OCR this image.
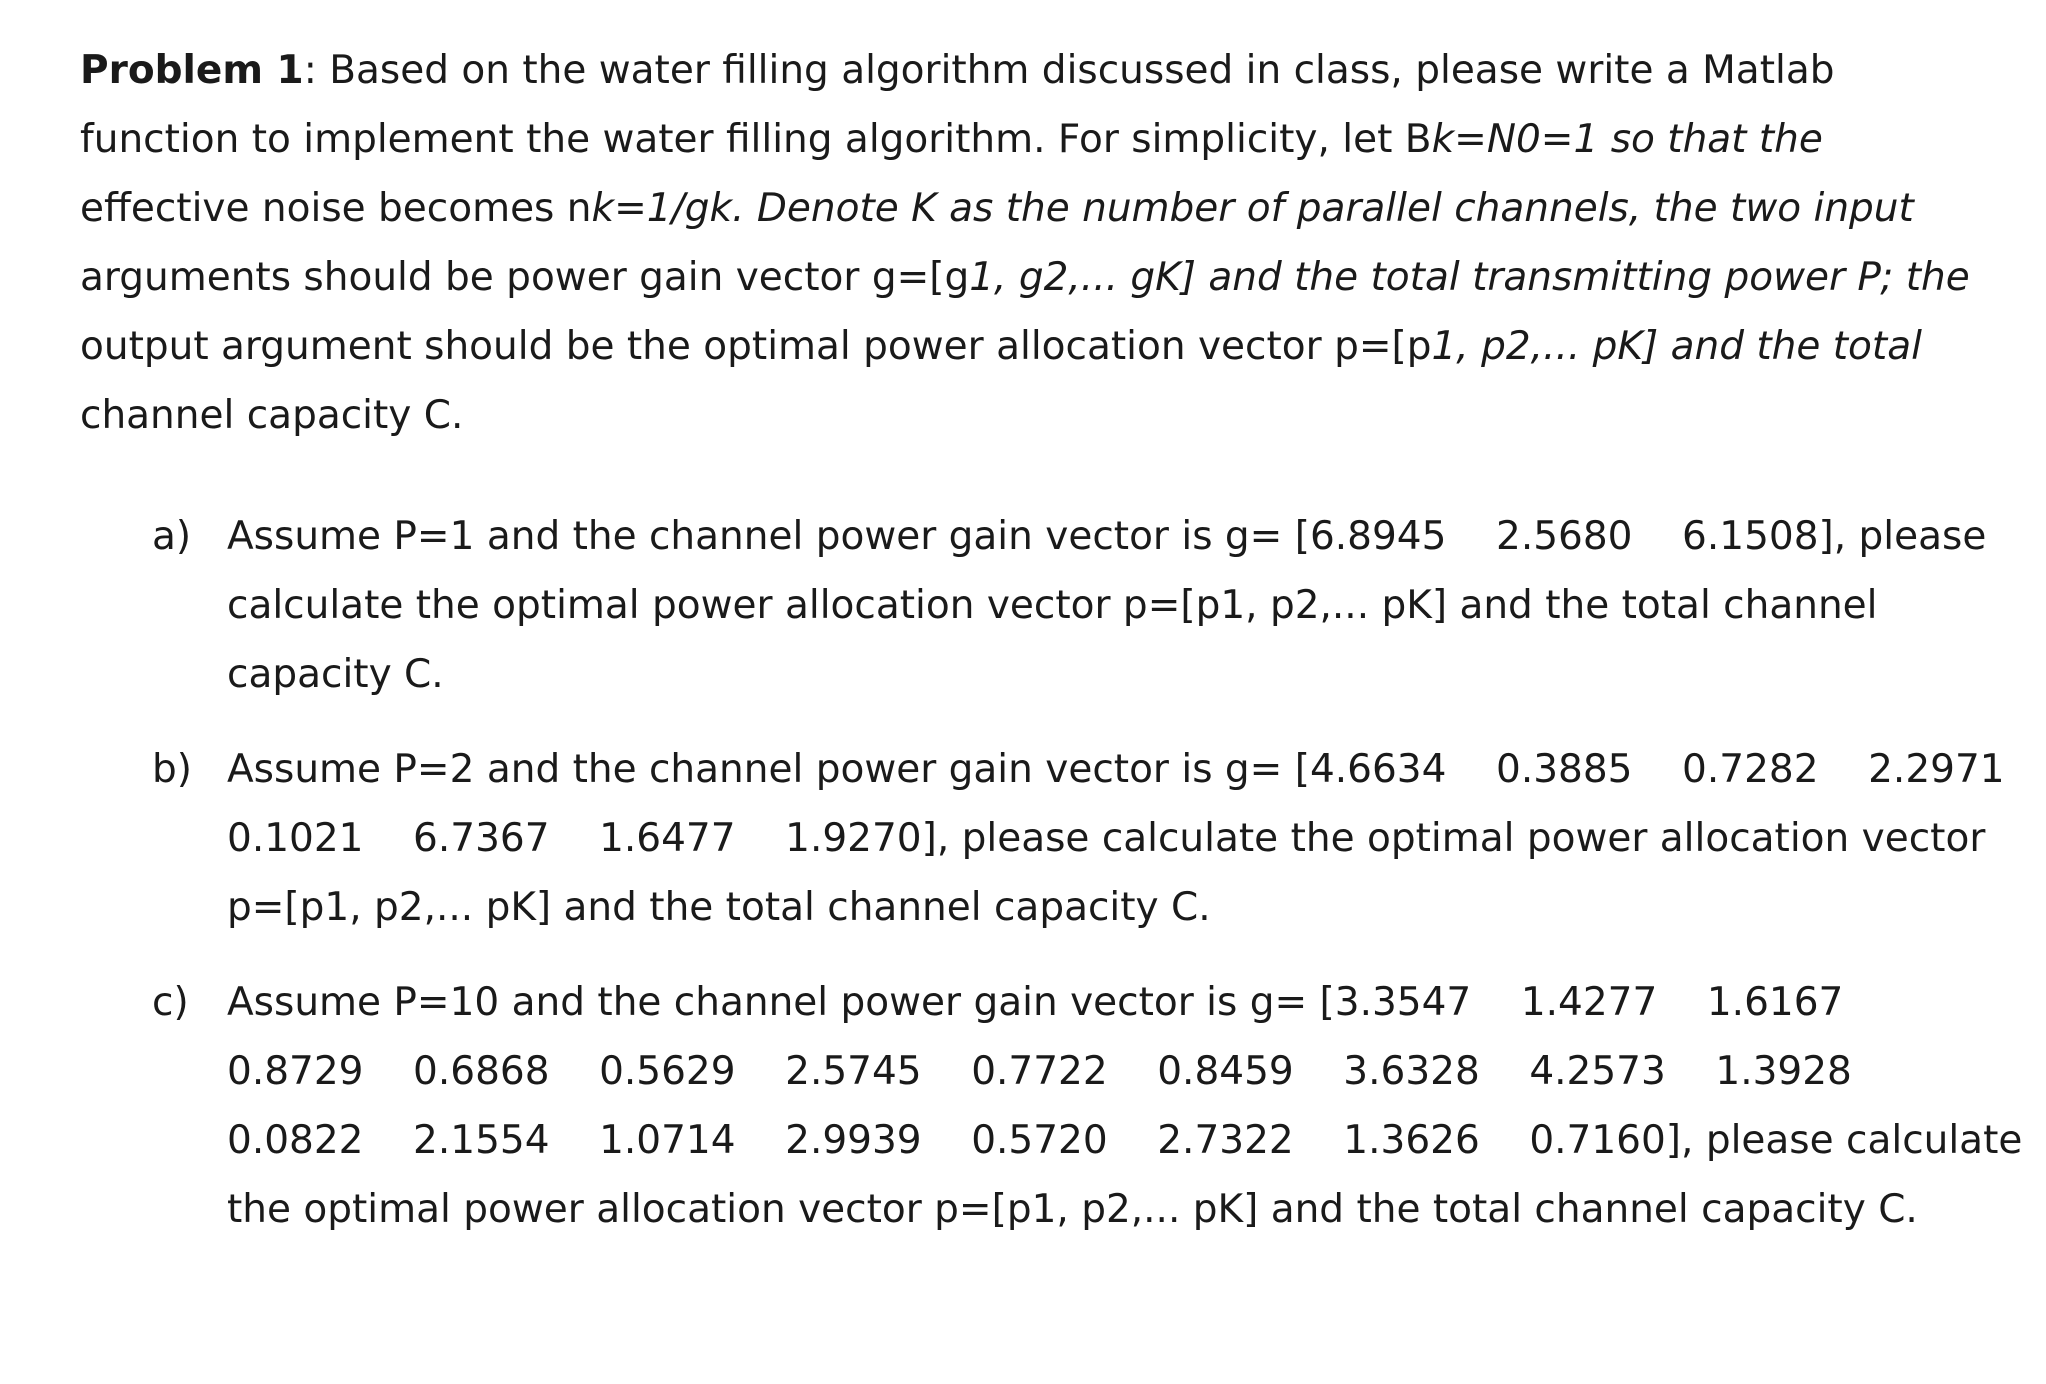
Problem 1: Based on the water filling algorithm discussed in class, please write a Matlab
function to implement the water filling algorithm. For simplicity, let Bk=N0=1 so that the
effective noise becomes nk=1/gk. Denote K as the number of parallel channels, the two input
arguments should be power gain vector g=[g1, g2,... gK] and the total transmitting power P; the
output argument should be the optimal power allocation vector p=[p1, p2,... pK] and the total
channel capacity C.
a) Assume P=1 and the channel power gain vector is g= [6.8945    2.5680    6.1508], please
calculate the optimal power allocation vector p=[p1, p2,... pK] and the total channel
capacity C.
b) Assume P=2 and the channel power gain vector is g= [4.6634    0.3885    0.7282    2.2971
0.1021    6.7367    1.6477    1.9270], please calculate the optimal power allocation vector
p=[p1, p2,... pK] and the total channel capacity C.
c) Assume P=10 and the channel power gain vector is g= [3.3547    1.4277    1.6167
0.8729    0.6868    0.5629    2.5745    0.7722    0.8459    3.6328    4.2573    1.3928
0.0822    2.1554    1.0714    2.9939    0.5720    2.7322    1.3626    0.7160], please calculate
the optimal power allocation vector p=[p1, p2,... pK] and the total channel capacity C.
